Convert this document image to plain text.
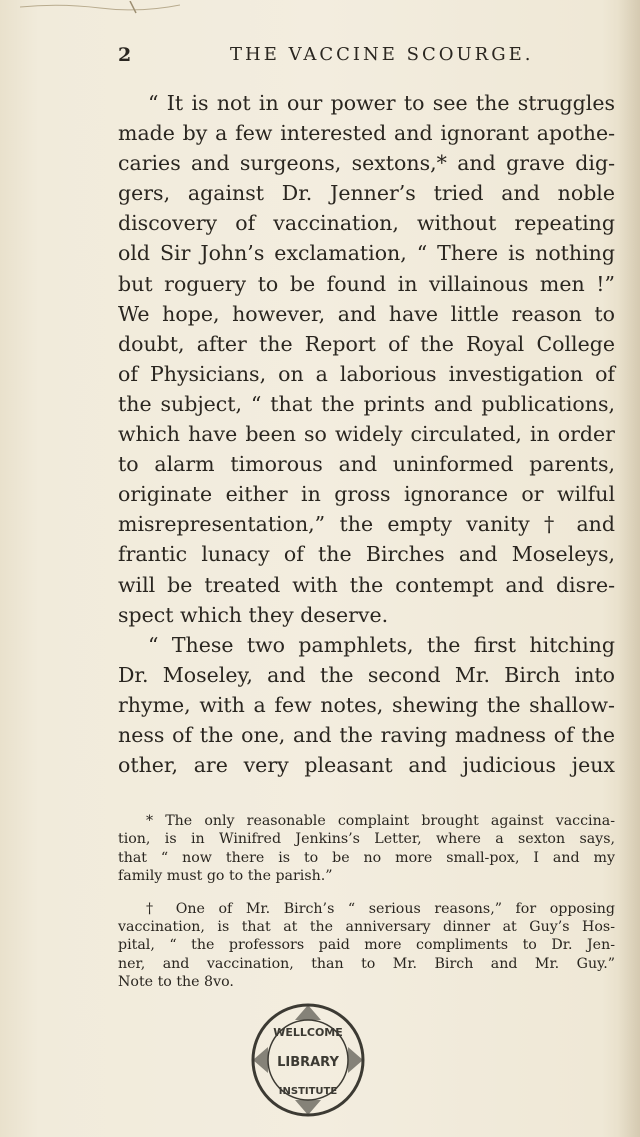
2	THE VACCINE SCOURGE.
“ It is not in our power to see the struggles
made by a few interested and ignorant apothe-
caries and surgeons, sextons,* and grave dig-
gers, against Dr. Jenner’s tried and noble
discovery of vaccination, without repeating
old Sir John’s exclamation, “ There is nothing
but roguery to be found in villainous men !”
We hope, however, and have little reason to
doubt, after the Report of the Royal College
of Physicians, on a laborious investigation of
the subject, “ that the prints and publications,
which have been so widely circulated, in order
to alarm timorous and uninformed parents,
originate either in gross ignorance or wilful
misrepresentation,” the empty vanity † and
frantic lunacy of the Birches and Moseleys,
will be treated with the contempt and disre-
spect which they deserve.
“ These two pamphlets, the first hitching
Dr. Moseley, and the second Mr. Birch into
rhyme, with a few notes, shewing the shallow-
ness of the one, and the raving madness of the
other, are very pleasant and judicious jeux
* The only reasonable complaint brought against vaccina-
tion, is in Winifred Jenkins’s Letter, where a sexton says,
that “ now there is to be no more small-pox, I and my
family must go to the parish.”
† One of Mr. Birch’s “ serious reasons,” for opposing
vaccination, is that at the anniversary dinner at Guy’s Hos-
pital, “ the professors paid more compliments to Dr. Jen-
ner, and vaccination, than to Mr. Birch and Mr. Guy.”
Note to the 8vo.
WELLCOME
LIBRARY
INSTITUTE
